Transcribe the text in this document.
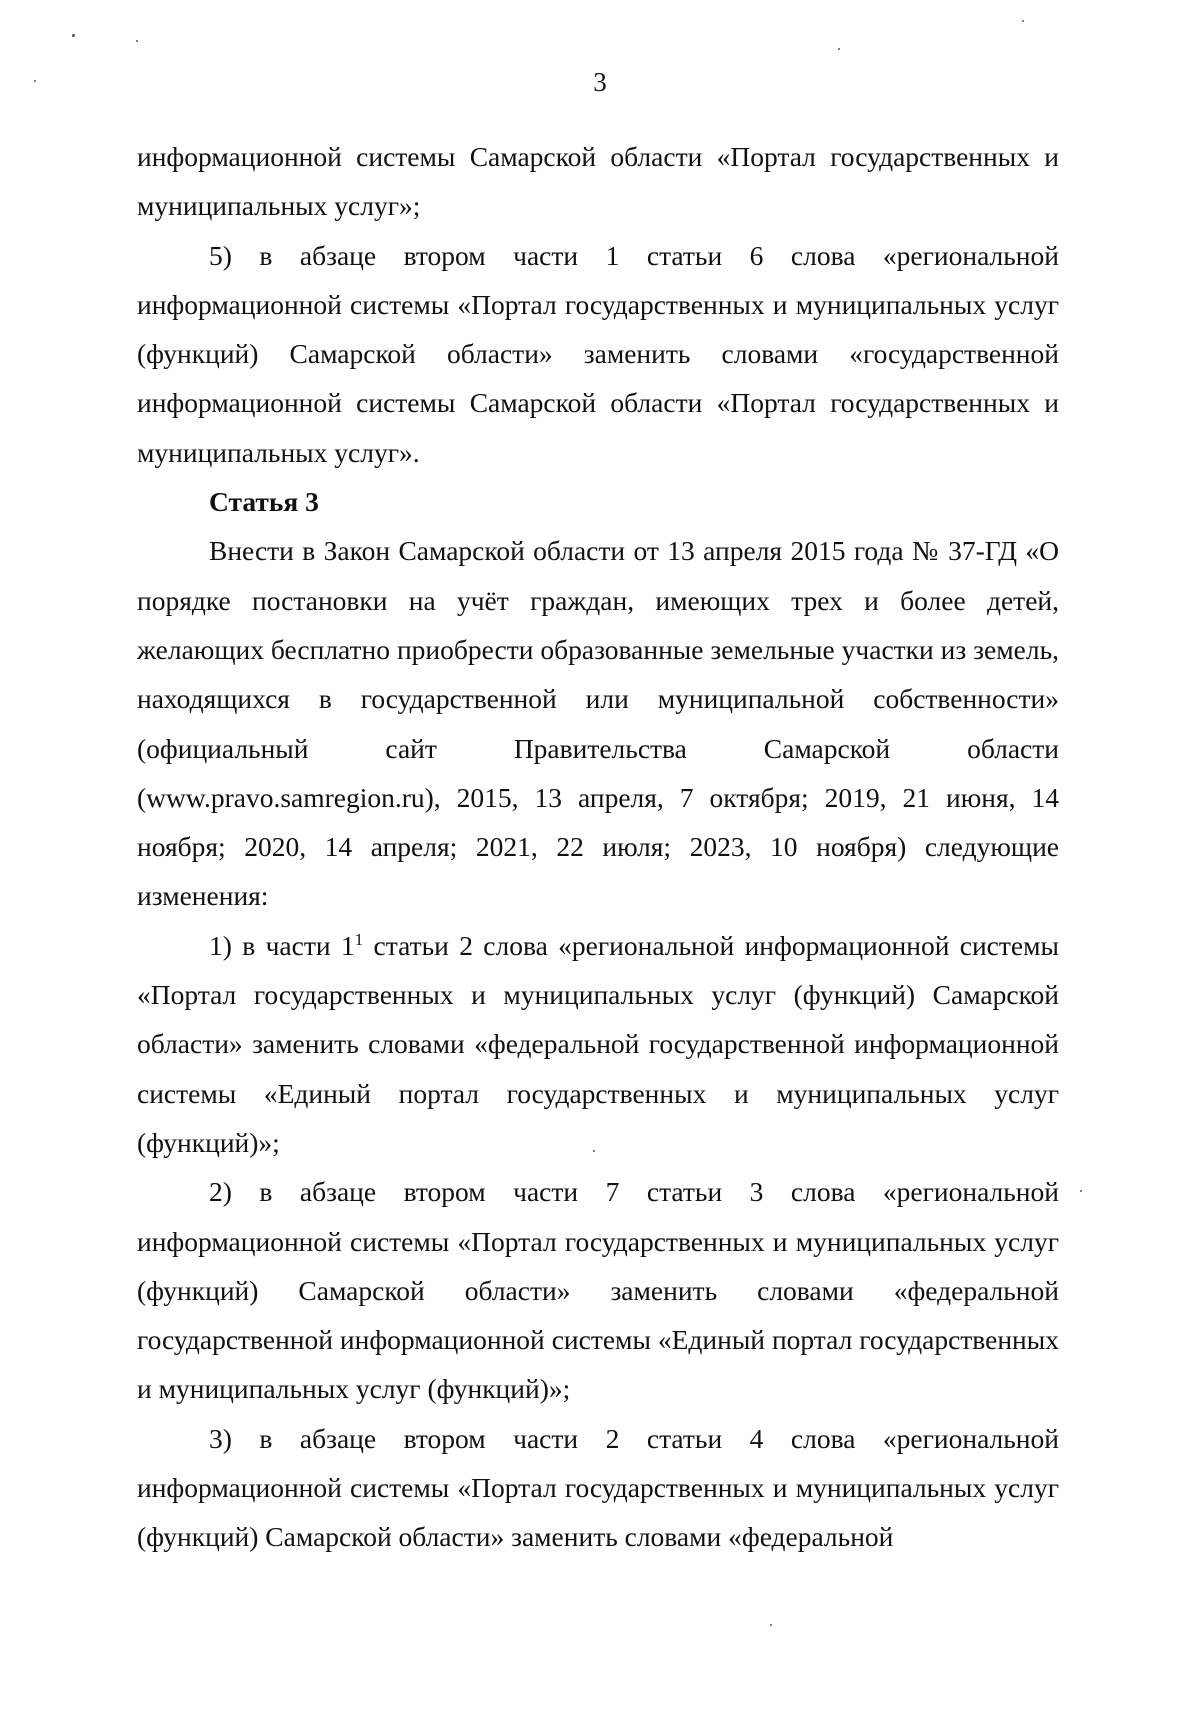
3

информационной системы Самарской области «Портал государственных и муниципальных услуг»;

5) в абзаце втором части 1 статьи 6 слова «региональной информационной системы «Портал государственных и муниципальных услуг (функций) Самарской области» заменить словами «государственной информационной системы Самарской области «Портал государственных и муниципальных услуг».

Статья 3

Внести в Закон Самарской области от 13 апреля 2015 года № 37-ГД «О порядке постановки на учёт граждан, имеющих трех и более детей, желающих бесплатно приобрести образованные земельные участки из земель, находящихся в государственной или муниципальной собственности» (официальный сайт Правительства Самарской области (www.pravo.samregion.ru), 2015, 13 апреля, 7 октября; 2019, 21 июня, 14 ноября; 2020, 14 апреля; 2021, 22 июля; 2023, 10 ноября) следующие изменения:

1) в части $1^1$ статьи 2 слова «региональной информационной системы «Портал государственных и муниципальных услуг (функций) Самарской области» заменить словами «федеральной государственной информационной системы «Единый портал государственных и муниципальных услуг (функций)»;

2) в абзаце втором части 7 статьи 3 слова «региональной информационной системы «Портал государственных и муниципальных услуг (функций) Самарской области» заменить словами «федеральной государственной информационной системы «Единый портал государственных и муниципальных услуг (функций)»;

3) в абзаце втором части 2 статьи 4 слова «региональной информационной системы «Портал государственных и муниципальных услуг (функций) Самарской области» заменить словами «федеральной
